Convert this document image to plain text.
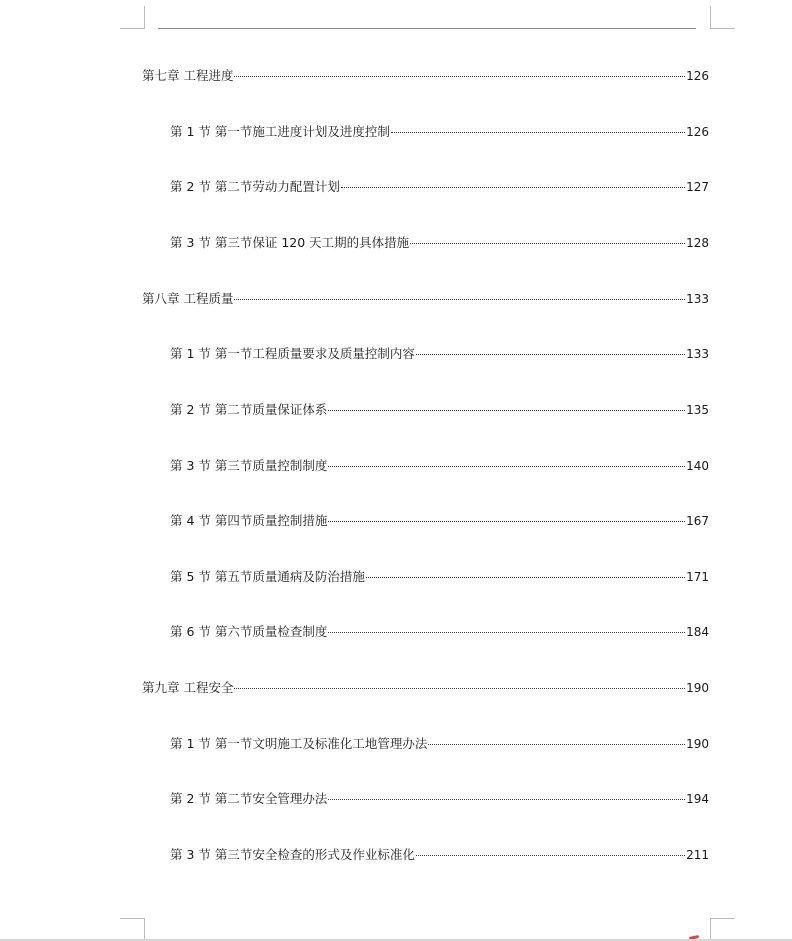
第七章 工程进度	126
第 1 节 第一节施工进度计划及进度控制	126
第 2 节 第二节劳动力配置计划	127
第 3 节 第三节保证 120 天工期的具体措施	128
第八章 工程质量	133
第 1 节 第一节工程质量要求及质量控制内容	133
第 2 节 第二节质量保证体系	135
第 3 节 第三节质量控制制度	140
第 4 节 第四节质量控制措施	167
第 5 节 第五节质量通病及防治措施	171
第 6 节 第六节质量检查制度	184
第九章 工程安全	190
第 1 节 第一节文明施工及标准化工地管理办法	190
第 2 节 第二节安全管理办法	194
第 3 节 第三节安全检查的形式及作业标准化	211
